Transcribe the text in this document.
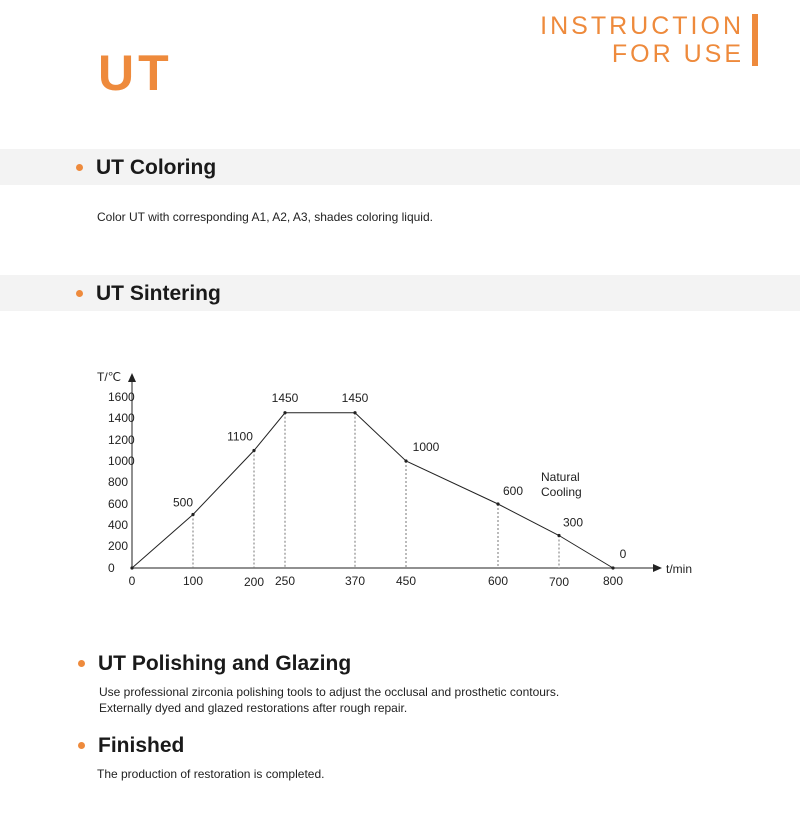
UT
INSTRUCTION
FOR USE
UT Coloring
Color UT with corresponding A1, A2, A3, shades coloring liquid.
UT Sintering
t/min
T/℃
0	100	200 250	370	450	600	700	800
0
200
400
600
800
1000
1200
1400
1600
500
1100
1450	1450
1000
600
300
0
Natural
Cooling
UT Polishing and Glazing
Use professional zirconia polishing tools to adjust the occlusal and prosthetic contours.
Externally dyed and glazed restorations after rough repair.
Finished
The production of restoration is completed.
